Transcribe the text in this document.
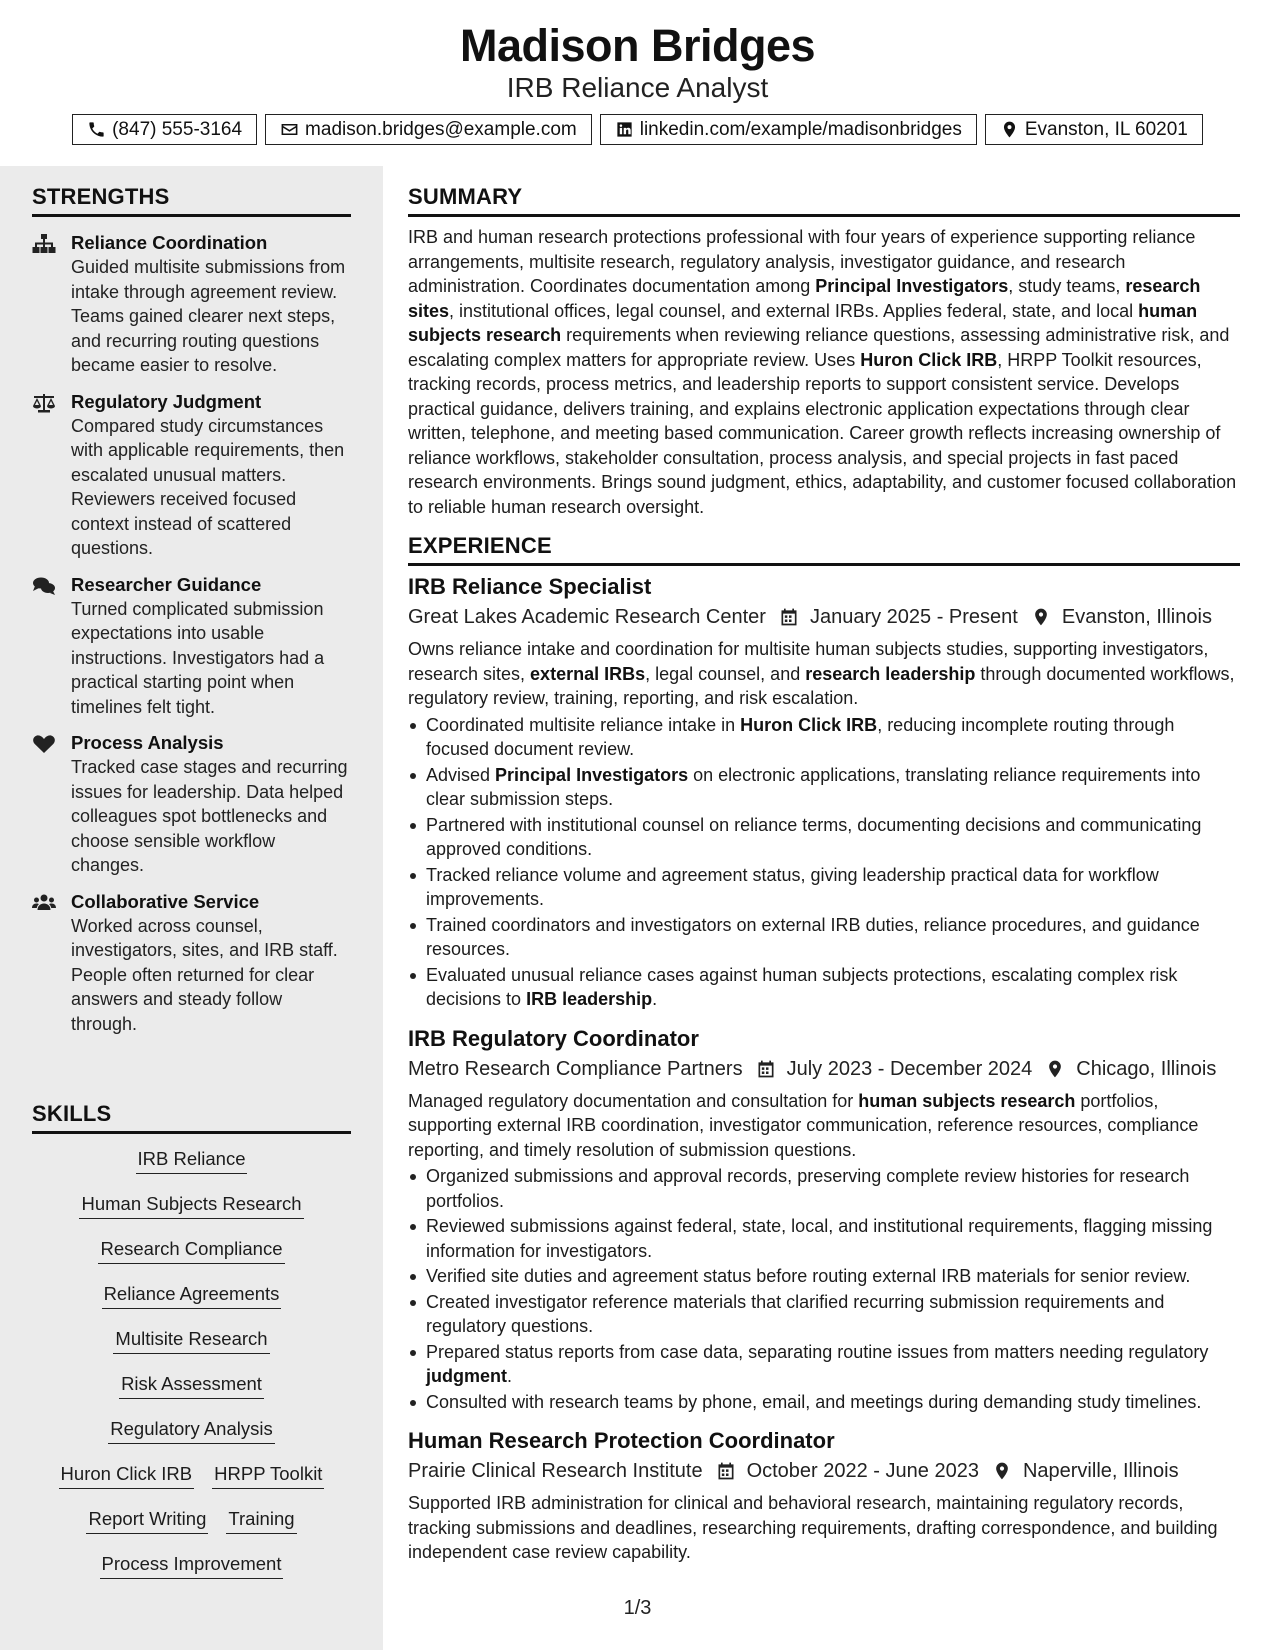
Madison Bridges
IRB Reliance Analyst
(847) 555-3164	madison.bridges@example.com	linkedin.com/example/madisonbridges	Evanston, IL 60201
STRENGTHS
Reliance Coordination
Guided multisite submissions from intake through agreement review. Teams gained clearer next steps, and recurring routing questions became easier to resolve.
Regulatory Judgment
Compared study circumstances with applicable requirements, then escalated unusual matters. Reviewers received focused context instead of scattered questions.
Researcher Guidance
Turned complicated submission expectations into usable instructions. Investigators had a practical starting point when timelines felt tight.
Process Analysis
Tracked case stages and recurring issues for leadership. Data helped colleagues spot bottlenecks and choose sensible workflow changes.
Collaborative Service
Worked across counsel, investigators, sites, and IRB staff. People often returned for clear answers and steady follow through.
SKILLS
IRB Reliance
Human Subjects Research
Research Compliance
Reliance Agreements
Multisite Research
Risk Assessment
Regulatory Analysis
Huron Click IRB HRPP Toolkit
Report Writing Training
Process Improvement
SUMMARY

IRB and human research protections professional with four years of experience supporting reliance arrangements, multisite research, regulatory analysis, investigator guidance, and research administration. Coordinates documentation among Principal Investigators, study teams, research sites, institutional offices, legal counsel, and external IRBs. Applies federal, state, and local human subjects research requirements when reviewing reliance questions, assessing administrative risk, and escalating complex matters for appropriate review. Uses Huron Click IRB, HRPP Toolkit resources, tracking records, process metrics, and leadership reports to support consistent service. Develops practical guidance, delivers training, and explains electronic application expectations through clear written, telephone, and meeting based communication. Career growth reflects increasing ownership of reliance workflows, stakeholder consultation, process analysis, and special projects in fast paced research environments. Brings sound judgment, ethics, adaptability, and customer focused collaboration to reliable human research oversight.

EXPERIENCE
IRB Reliance Specialist
Great Lakes Academic Research Center January 2025 - Present Evanston, Illinois

Owns reliance intake and coordination for multisite human subjects studies, supporting investigators, research sites, external IRBs, legal counsel, and research leadership through documented workflows, regulatory review, training, reporting, and risk escalation.

Coordinated multisite reliance intake in Huron Click IRB, reducing incomplete routing through focused document review.
Advised Principal Investigators on electronic applications, translating reliance requirements into clear submission steps.
Partnered with institutional counsel on reliance terms, documenting decisions and communicating approved conditions.
Tracked reliance volume and agreement status, giving leadership practical data for workflow improvements.
Trained coordinators and investigators on external IRB duties, reliance procedures, and guidance resources.
Evaluated unusual reliance cases against human subjects protections, escalating complex risk decisions to IRB leadership.
IRB Regulatory Coordinator
Metro Research Compliance Partners July 2023 - December 2024 Chicago, Illinois

Managed regulatory documentation and consultation for human subjects research portfolios, supporting external IRB coordination, investigator communication, reference resources, compliance reporting, and timely resolution of submission questions.

Organized submissions and approval records, preserving complete review histories for research portfolios.
Reviewed submissions against federal, state, local, and institutional requirements, flagging missing information for investigators.
Verified site duties and agreement status before routing external IRB materials for senior review.
Created investigator reference materials that clarified recurring submission requirements and regulatory questions.
Prepared status reports from case data, separating routine issues from matters needing regulatory judgment.
Consulted with research teams by phone, email, and meetings during demanding study timelines.
Human Research Protection Coordinator
Prairie Clinical Research Institute October 2022 - June 2023 Naperville, Illinois

Supported IRB administration for clinical and behavioral research, maintaining regulatory records, tracking submissions and deadlines, researching requirements, drafting correspondence, and building independent case review capability.

1/3
